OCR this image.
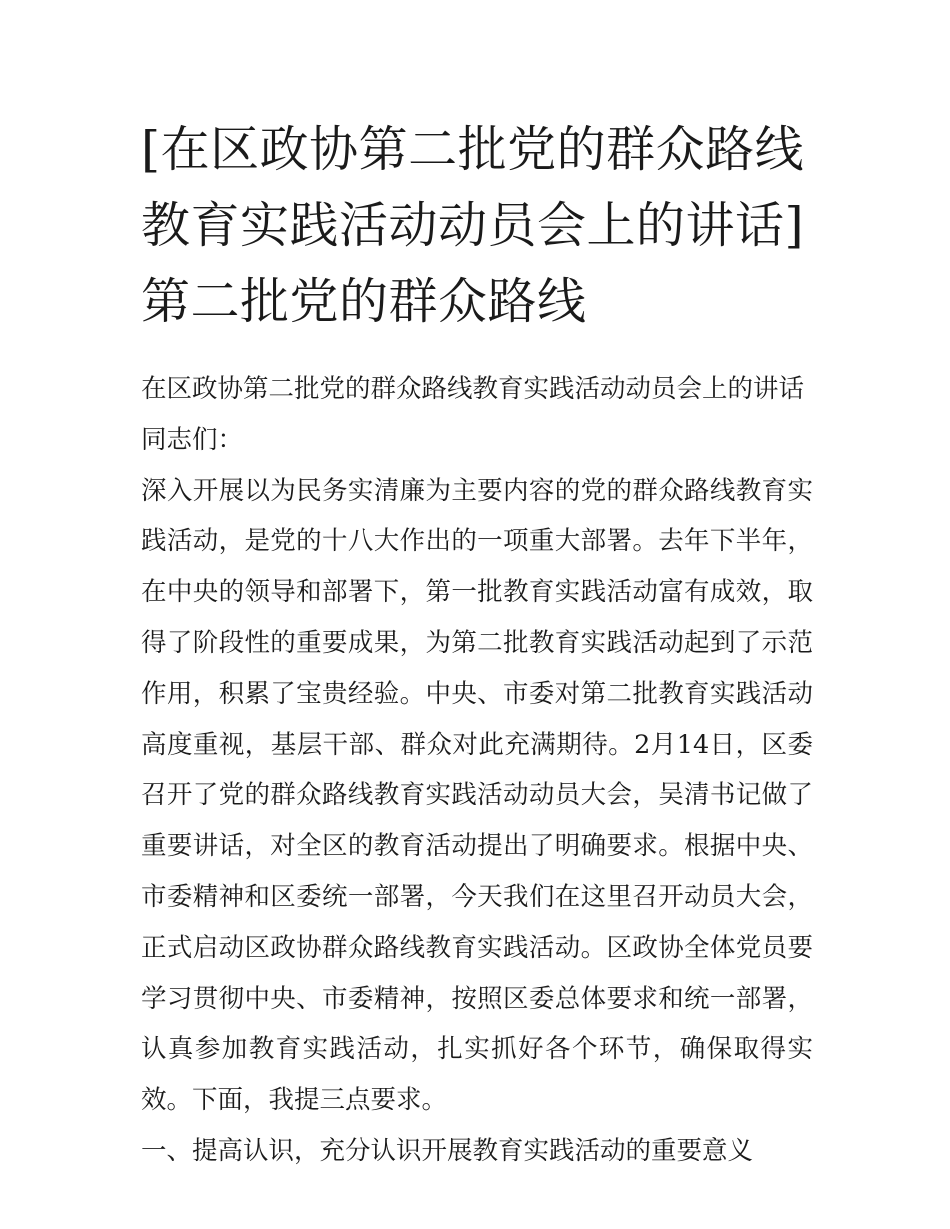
[在区政协第二批党的群众路线教育实践活动动员会上的讲话]第二批党的群众路线

在区政协第二批党的群众路线教育实践活动动员会上的讲话

同志们：

深入开展以为民务实清廉为主要内容的党的群众路线教育实践活动，是党的十八大作出的一项重大部署。去年下半年，在中央的领导和部署下，第一批教育实践活动富有成效，取得了阶段性的重要成果，为第二批教育实践活动起到了示范作用，积累了宝贵经验。中央、市委对第二批教育实践活动高度重视，基层干部、群众对此充满期待。2月14日，区委召开了党的群众路线教育实践活动动员大会，吴清书记做了重要讲话，对全区的教育活动提出了明确要求。根据中央、市委精神和区委统一部署，今天我们在这里召开动员大会，正式启动区政协群众路线教育实践活动。区政协全体党员要学习贯彻中央、市委精神，按照区委总体要求和统一部署，认真参加教育实践活动，扎实抓好各个环节，确保取得实效。下面，我提三点要求。

一、提高认识，充分认识开展教育实践活动的重要意义
